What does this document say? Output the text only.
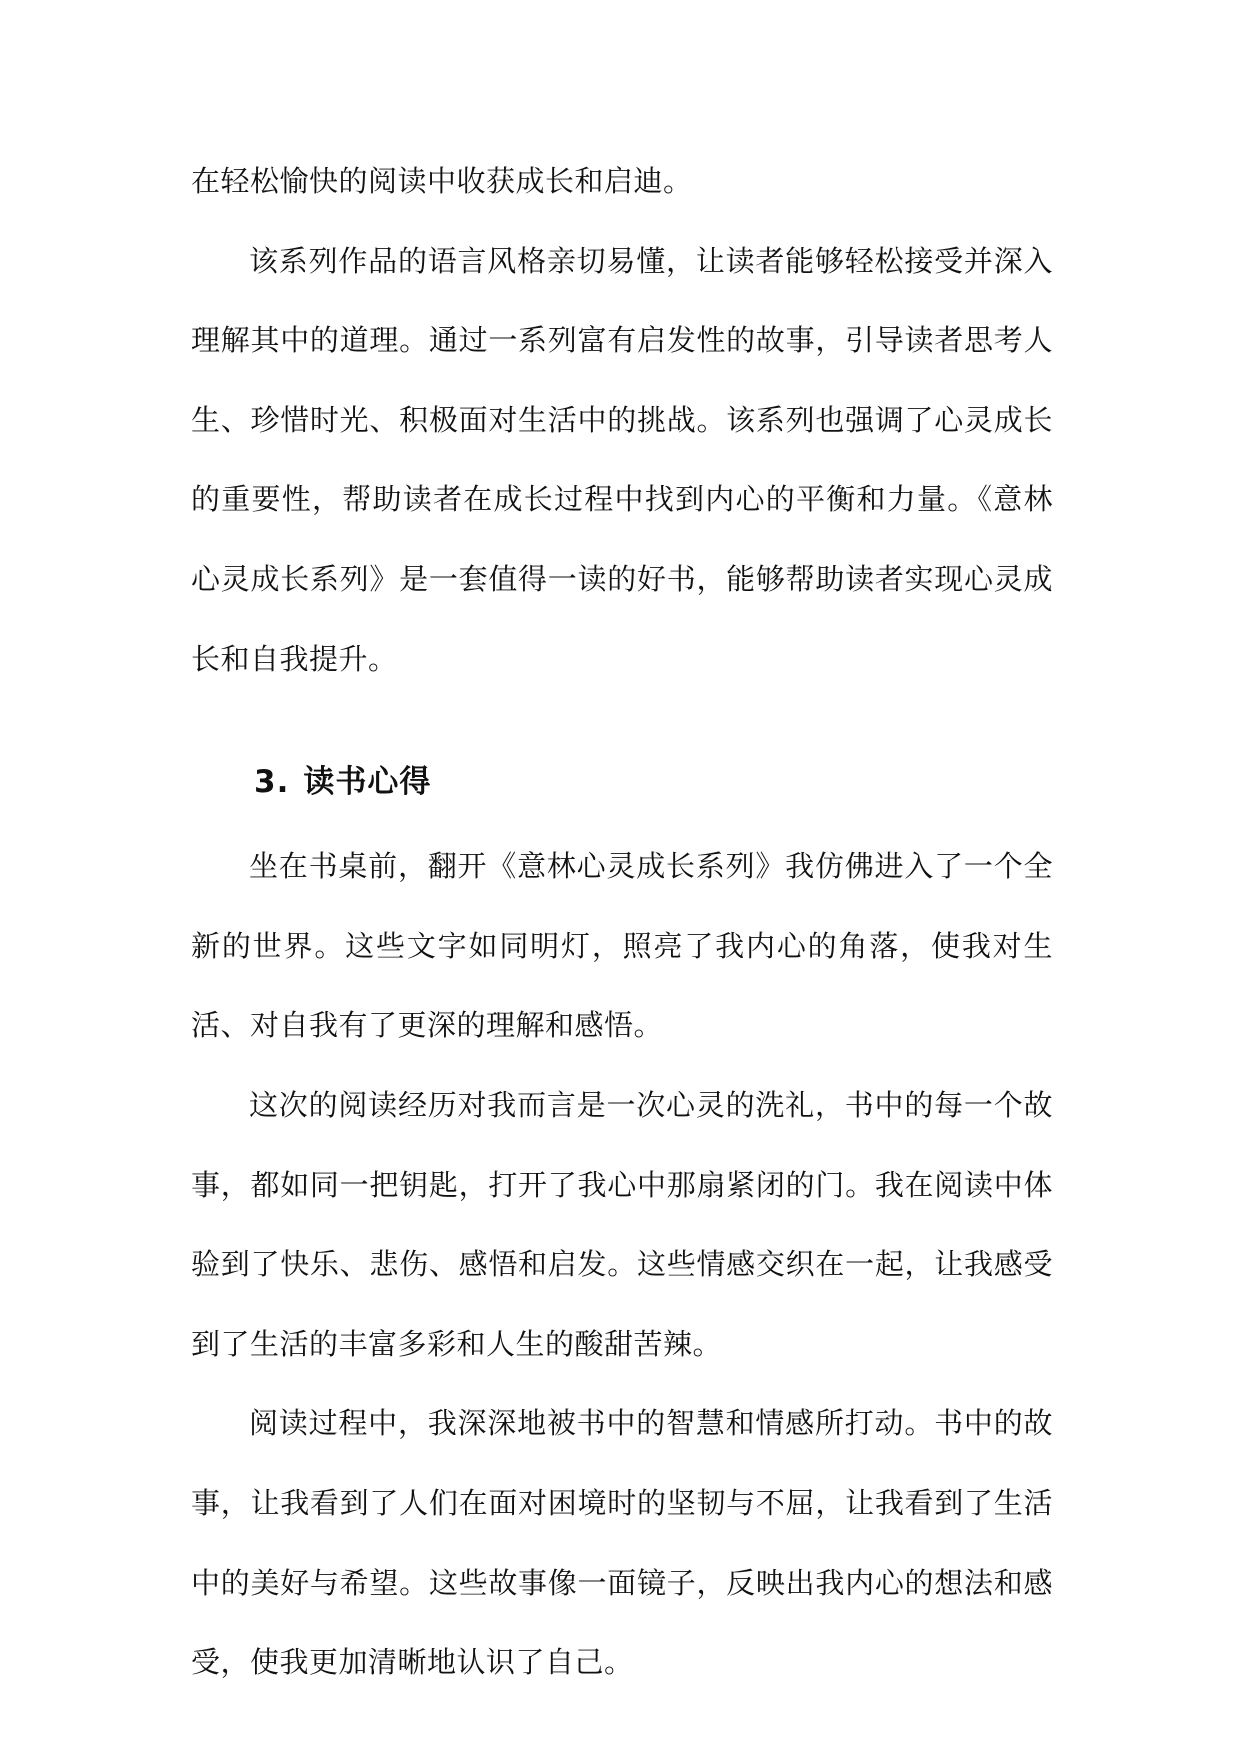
在轻松愉快的阅读中收获成长和启迪。

该系列作品的语言风格亲切易懂，让读者能够轻松接受并深入理解其中的道理。通过一系列富有启发性的故事，引导读者思考人生、珍惜时光、积极面对生活中的挑战。该系列也强调了心灵成长的重要性，帮助读者在成长过程中找到内心的平衡和力量。《意林心灵成长系列》是一套值得一读的好书，能够帮助读者实现心灵成长和自我提升。

3. 读书心得

坐在书桌前，翻开《意林心灵成长系列》我仿佛进入了一个全新的世界。这些文字如同明灯，照亮了我内心的角落，使我对生活、对自我有了更深的理解和感悟。

这次的阅读经历对我而言是一次心灵的洗礼，书中的每一个故事，都如同一把钥匙，打开了我心中那扇紧闭的门。我在阅读中体验到了快乐、悲伤、感悟和启发。这些情感交织在一起，让我感受到了生活的丰富多彩和人生的酸甜苦辣。

阅读过程中，我深深地被书中的智慧和情感所打动。书中的故事，让我看到了人们在面对困境时的坚韧与不屈，让我看到了生活中的美好与希望。这些故事像一面镜子，反映出我内心的想法和感受，使我更加清晰地认识了自己。
